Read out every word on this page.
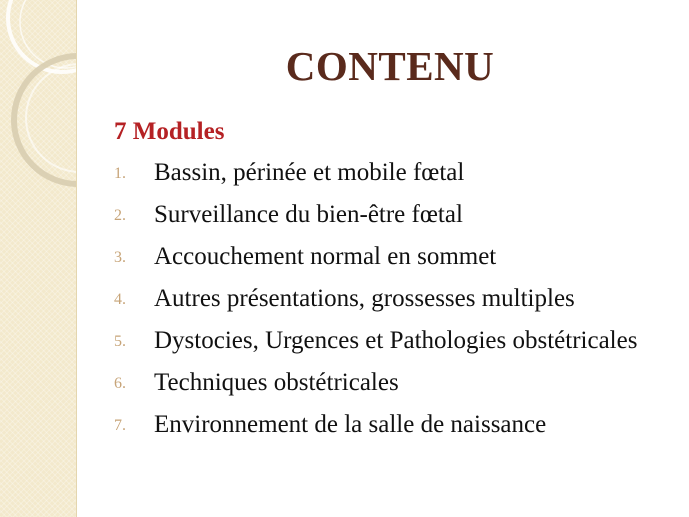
CONTENU
7 Modules
1.	Bassin, périnée et mobile fœtal
2.	Surveillance du bien-être fœtal
3.	Accouchement normal en sommet
4.	Autres présentations, grossesses multiples
5.	Dystocies, Urgences et Pathologies obstétricales
6.	Techniques obstétricales
7.	Environnement de la salle de naissance
